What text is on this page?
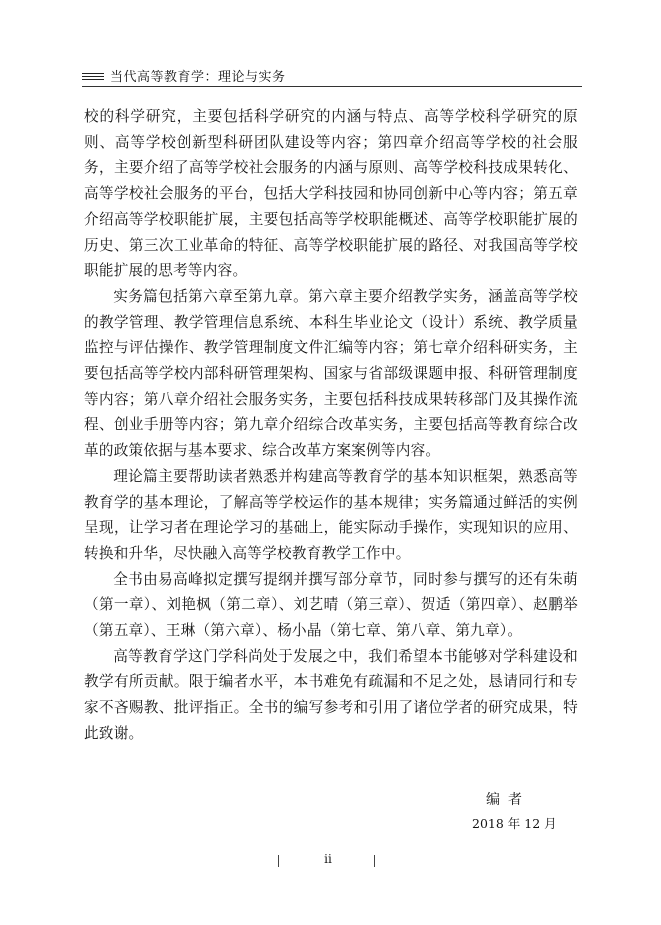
当代高等教育学：理论与实务

校的科学研究，主要包括科学研究的内涵与特点、高等学校科学研究的原则、高等学校创新型科研团队建设等内容；第四章介绍高等学校的社会服务，主要介绍了高等学校社会服务的内涵与原则、高等学校科技成果转化、高等学校社会服务的平台，包括大学科技园和协同创新中心等内容；第五章介绍高等学校职能扩展，主要包括高等学校职能概述、高等学校职能扩展的历史、第三次工业革命的特征、高等学校职能扩展的路径、对我国高等学校职能扩展的思考等内容。

实务篇包括第六章至第九章。第六章主要介绍教学实务，涵盖高等学校的教学管理、教学管理信息系统、本科生毕业论文（设计）系统、教学质量监控与评估操作、教学管理制度文件汇编等内容；第七章介绍科研实务，主要包括高等学校内部科研管理架构、国家与省部级课题申报、科研管理制度等内容；第八章介绍社会服务实务，主要包括科技成果转移部门及其操作流程、创业手册等内容；第九章介绍综合改革实务，主要包括高等教育综合改革的政策依据与基本要求、综合改革方案案例等内容。

理论篇主要帮助读者熟悉并构建高等教育学的基本知识框架，熟悉高等教育学的基本理论，了解高等学校运作的基本规律；实务篇通过鲜活的实例呈现，让学习者在理论学习的基础上，能实际动手操作，实现知识的应用、转换和升华，尽快融入高等学校教育教学工作中。

全书由易高峰拟定撰写提纲并撰写部分章节，同时参与撰写的还有朱萌（第一章）、刘艳枫（第二章）、刘艺晴（第三章）、贺适（第四章）、赵鹏举（第五章）、王琳（第六章）、杨小晶（第七章、第八章、第九章）。

高等教育学这门学科尚处于发展之中，我们希望本书能够对学科建设和教学有所贡献。限于编者水平，本书难免有疏漏和不足之处，恳请同行和专家不吝赐教、批评指正。全书的编写参考和引用了诸位学者的研究成果，特此致谢。

编者
2018 年 12 月
ii
